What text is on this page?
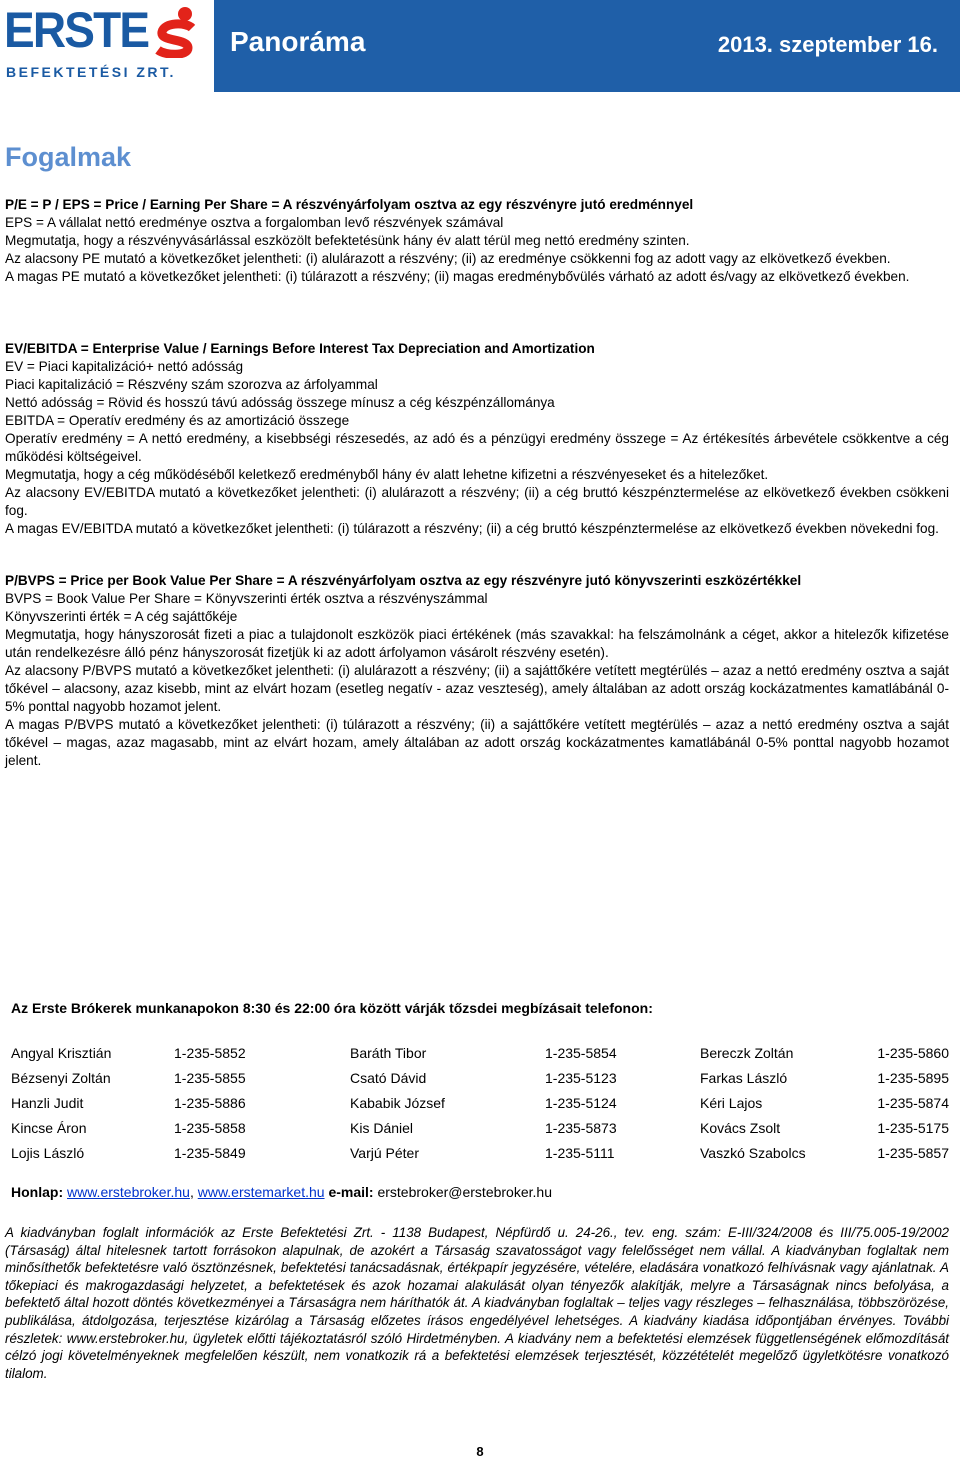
ERSTE
BEFEKTETÉSI ZRT.
Panoráma	2013. szeptember 16.
Fogalmak

P/E = P / EPS = Price / Earning Per Share = A részvényárfolyam osztva az egy részvényre jutó eredménnyel

EPS = A vállalat nettó eredménye osztva a forgalomban levő részvények számával

Megmutatja, hogy a részvényvásárlással eszközölt befektetésünk hány év alatt térül meg nettó eredmény szinten.

Az alacsony PE mutató a következőket jelentheti: (i) alulárazott a részvény; (ii) az eredménye csökkenni fog az adott vagy az elkövetkező években.

A magas PE mutató a következőket jelentheti: (i) túlárazott a részvény; (ii) magas eredménybővülés várható az adott és/vagy az elkövetkező években.

EV/EBITDA = Enterprise Value / Earnings Before Interest Tax Depreciation and Amortization

EV = Piaci kapitalizáció+ nettó adósság

Piaci kapitalizáció = Részvény szám szorozva az árfolyammal

Nettó adósság = Rövid és hosszú távú adósság összege mínusz a cég készpénzállománya

EBITDA = Operatív eredmény és az amortizáció összege

Operatív eredmény = A nettó eredmény, a kisebbségi részesedés, az adó és a pénzügyi eredmény összege = Az értékesítés árbevétele csökkentve a cég működési költségeivel.

Megmutatja, hogy a cég működéséből keletkező eredményből hány év alatt lehetne kifizetni a részvényeseket és a hitelezőket.

Az alacsony EV/EBITDA mutató a következőket jelentheti: (i) alulárazott a részvény; (ii) a cég bruttó készpénztermelése az elkövetkező években csökkeni fog.

A magas EV/EBITDA mutató a következőket jelentheti: (i) túlárazott a részvény; (ii) a cég bruttó készpénztermelése az elkövetkező években növekedni fog.

P/BVPS = Price per Book Value Per Share = A részvényárfolyam osztva az egy részvényre jutó könyvszerinti eszközértékkel

BVPS = Book Value Per Share = Könyvszerinti érték osztva a részvényszámmal

Könyvszerinti érték = A cég sajáttőkéje

Megmutatja, hogy hányszorosát fizeti a piac a tulajdonolt eszközök piaci értékének (más szavakkal: ha felszámolnánk a céget, akkor a hitelezők kifizetése után rendelkezésre álló pénz hányszorosát fizetjük ki az adott árfolyamon vásárolt részvény esetén).

Az alacsony P/BVPS mutató a következőket jelentheti: (i) alulárazott a részvény; (ii) a sajáttőkére vetített megtérülés – azaz a nettó eredmény osztva a saját tőkével – alacsony, azaz kisebb, mint az elvárt hozam (esetleg negatív - azaz veszteség), amely általában az adott ország kockázatmentes kamatlábánál 0-5% ponttal nagyobb hozamot jelent.

A magas P/BVPS mutató a következőket jelentheti: (i) túlárazott a részvény; (ii) a sajáttőkére vetített megtérülés – azaz a nettó eredmény osztva a saját tőkével – magas, azaz magasabb, mint az elvárt hozam, amely általában az adott ország kockázatmentes kamatlábánál 0-5% ponttal nagyobb hozamot jelent.

Az Erste Brókerek munkanapokon 8:30 és 22:00 óra között várják tőzsdei megbízásait telefonon:

Angyal Krisztián	1-235-5852	Baráth Tibor	1-235-5854	Bereczk Zoltán	1-235-5860
Bézsenyi Zoltán	1-235-5855	Csató Dávid	1-235-5123	Farkas László	1-235-5895
Hanzli Judit	1-235-5886	Kababik József	1-235-5124	Kéri Lajos	1-235-5874
Kincse Áron	1-235-5858	Kis Dániel	1-235-5873	Kovács Zsolt	1-235-5175
Lojis László	1-235-5849	Varjú Péter	1-235-5111	Vaszkó Szabolcs	1-235-5857

Honlap: www.erstebroker.hu, www.erstemarket.hu e-mail: erstebroker@erstebroker.hu

A kiadványban foglalt információk az Erste Befektetési Zrt. - 1138 Budapest, Népfürdő u. 24-26., tev. eng. szám: E-III/324/2008 és III/75.005-19/2002 (Társaság) által hitelesnek tartott forrásokon alapulnak, de azokért a Társaság szavatosságot vagy felelősséget nem vállal. A kiadványban foglaltak nem minősíthetők befektetésre való ösztönzésnek, befektetési tanácsadásnak, értékpapír jegyzésére, vételére, eladására vonatkozó felhívásnak vagy ajánlatnak. A tőkepiaci és makrogazdasági helyzetet, a befektetések és azok hozamai alakulását olyan tényezők alakítják, melyre a Társaságnak nincs befolyása, a befektető által hozott döntés következményei a Társaságra nem háríthatók át. A kiadványban foglaltak – teljes vagy részleges – felhasználása, többszörözése, publikálása, átdolgozása, terjesztése kizárólag a Társaság előzetes írásos engedélyével lehetséges. A kiadvány kiadása időpontjában érvényes. További részletek: www.erstebroker.hu, ügyletek előtti tájékoztatásról szóló Hirdetményben. A kiadvány nem a befektetési elemzések függetlenségének előmozdítását célzó jogi követelményeknek megfelelően készült, nem vonatkozik rá a befektetési elemzések terjesztését, közzétételét megelőző ügyletkötésre vonatkozó tilalom.
8
